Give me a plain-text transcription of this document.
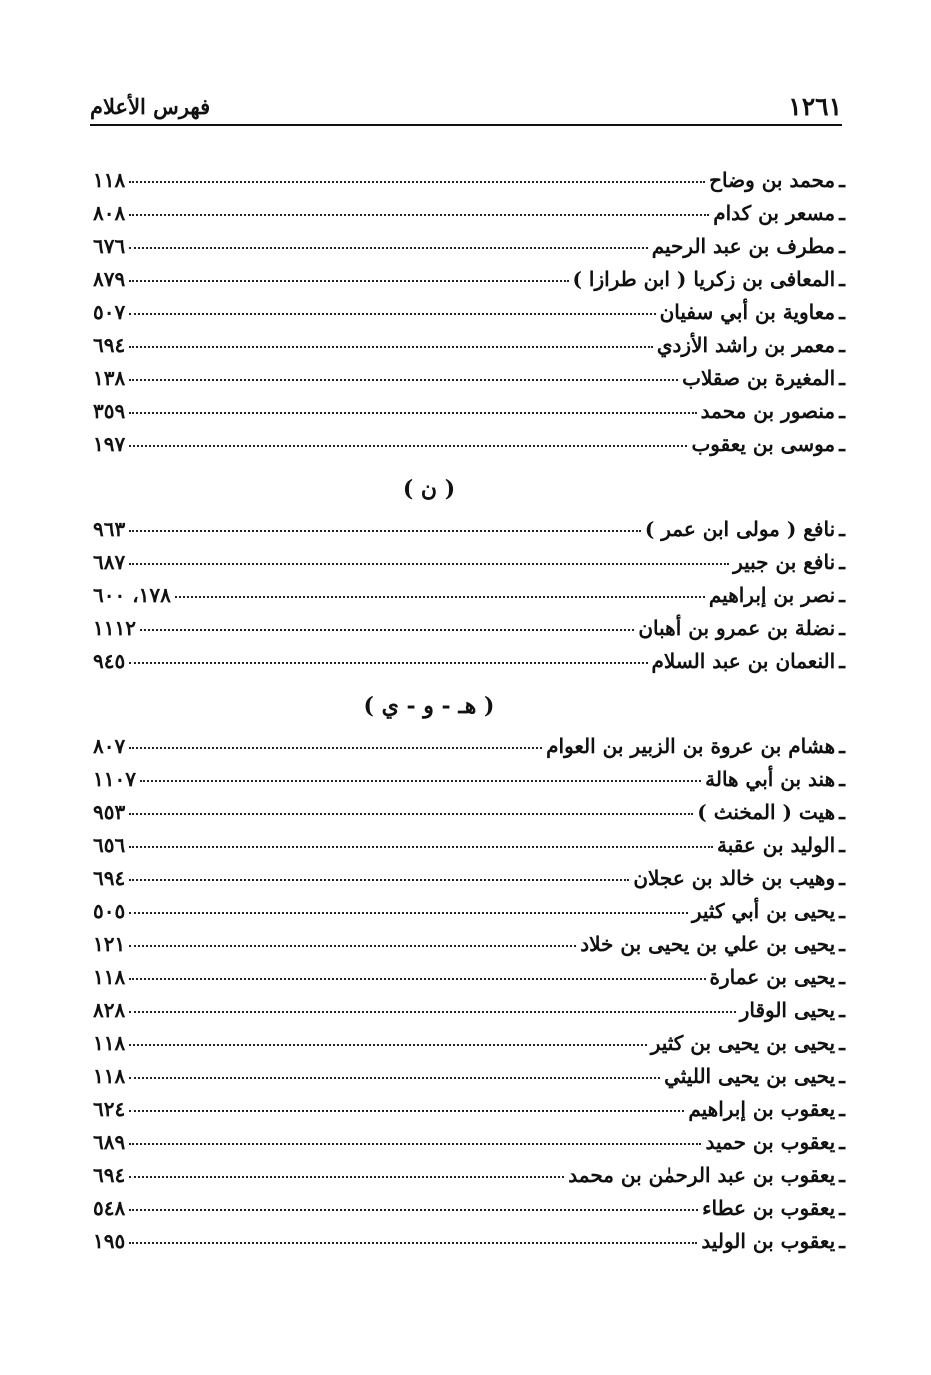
١٢٦١
فهرس الأعلام
ـ
محمد بن وضاح
١١٨
ـ
مسعر بن كدام
٨٠٨
ـ
مطرف بن عبد الرحيم
٦٧٦
ـ
المعافى بن زكريا ( ابن طرازا )
٨٧٩
ـ
معاوية بن أبي سفيان
٥٠٧
ـ
معمر بن راشد الأزدي
٦٩٤
ـ
المغيرة بن صقلاب
١٣٨
ـ
منصور بن محمد
٣٥٩
ـ
موسى بن يعقوب
١٩٧
( ن )
ـ
نافع ( مولى ابن عمر )
٩٦٣
ـ
نافع بن جبير
٦٨٧
ـ
نصر بن إبراهيم
١٧٨، ٦٠٠
ـ
نضلة بن عمرو بن أهبان
١١١٢
ـ
النعمان بن عبد السلام
٩٤٥
( هـ - و - ي )
ـ
هشام بن عروة بن الزبير بن العوام
٨٠٧
ـ
هند بن أبي هالة
١١٠٧
ـ
هيت ( المخنث )
٩٥٣
ـ
الوليد بن عقبة
٦٥٦
ـ
وهيب بن خالد بن عجلان
٦٩٤
ـ
يحيى بن أبي كثير
٥٠٥
ـ
يحيى بن علي بن يحيى بن خلاد
١٢١
ـ
يحيى بن عمارة
١١٨
ـ
يحيى الوقار
٨٢٨
ـ
يحيى بن يحيى بن كثير
١١٨
ـ
يحيى بن يحيى الليثي
١١٨
ـ
يعقوب بن إبراهيم
٦٢٤
ـ
يعقوب بن حميد
٦٨٩
ـ
يعقوب بن عبد الرحمٰن بن محمد
٦٩٤
ـ
يعقوب بن عطاء
٥٤٨
ـ
يعقوب بن الوليد
١٩٥
